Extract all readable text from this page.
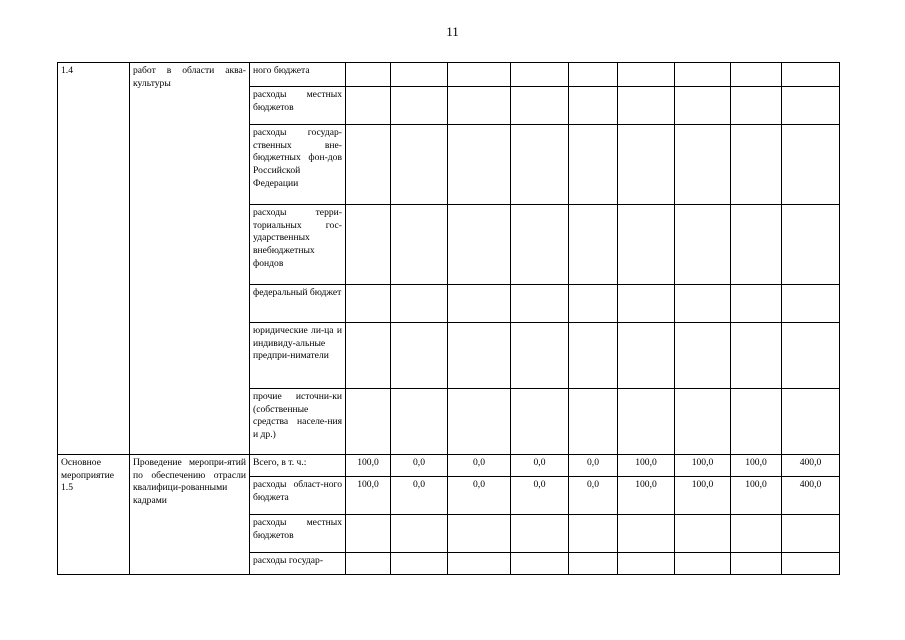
11
1.4	работ в области аква-культуры	ного бюджета									
		расходы местных бюджетов									
		расходы государ-ственных вне-бюджетных фон-дов Российской Федерации									
		расходы терри-ториальных гос-ударственных внебюджетных фондов									
		федеральный бюджет									
		юридические ли-ца и индивиду-альные предпри-ниматели									
		прочие источни-ки (собственные средства населе-ния и др.)									
Основное мероприятие 1.5	Проведение меропри-ятий по обеспечению отрасли квалифици-рованными кадрами	Всего, в т. ч.:	100,0	0,0	0,0	0,0	0,0	100,0	100,0	100,0	400,0
		расходы област-ного бюджета	100,0	0,0	0,0	0,0	0,0	100,0	100,0	100,0	400,0
		расходы местных бюджетов									
		расходы государ-									
